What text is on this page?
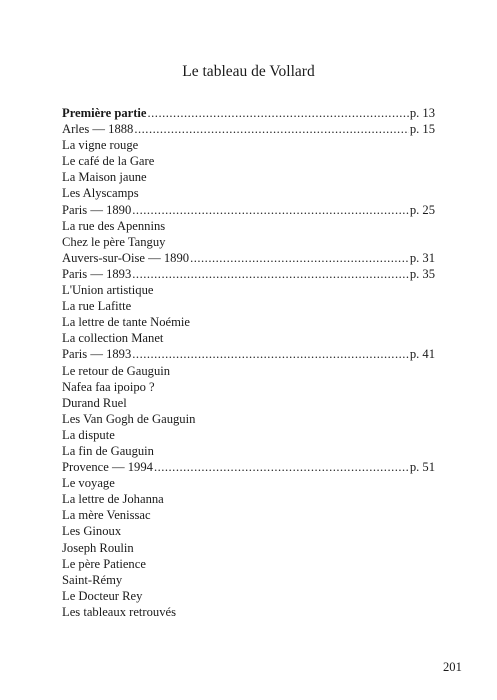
Le tableau de Vollard
Première partie .....	p. 13
Arles — 1888 .....	p. 15
La vigne rouge
Le café de la Gare
La Maison jaune
Les Alyscamps
Paris — 1890 .....	p. 25
La rue des Apennins
Chez le père Tanguy
Auvers-sur-Oise — 1890 .....	p. 31
Paris — 1893 .....	p. 35
L'Union artistique
La rue Lafitte
La lettre de tante Noémie
La collection Manet
Paris — 1893 .....	p. 41
Le retour de Gauguin
Nafea faa ipoipo ?
Durand Ruel
Les Van Gogh de Gauguin
La dispute
La fin de Gauguin
Provence — 1994 .....	p. 51
Le voyage
La lettre de Johanna
La mère Venissac
Les Ginoux
Joseph Roulin
Le père Patience
Saint-Rémy
Le Docteur Rey
Les tableaux retrouvés
201
